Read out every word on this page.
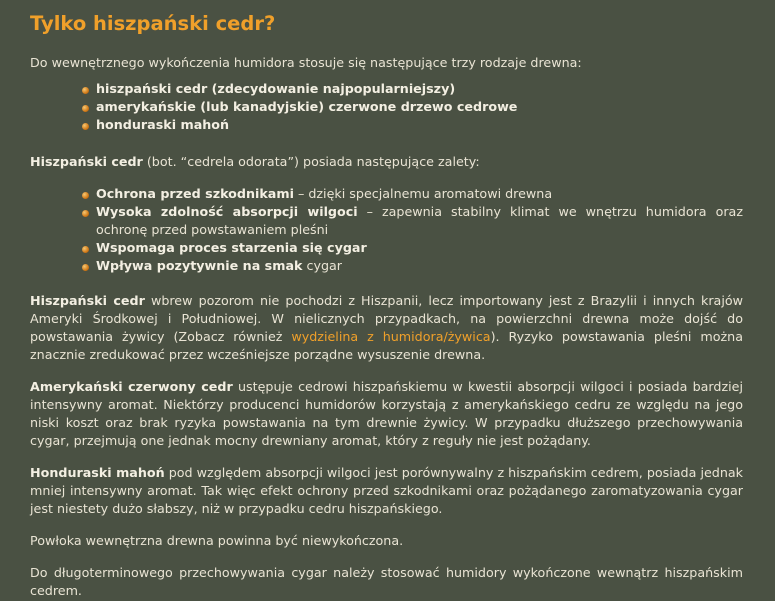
Tylko hiszpański cedr?

Do wewnętrznego wykończenia humidora stosuje się następujące trzy rodzaje drewna:

hiszpański cedr (zdecydowanie najpopularniejszy)
amerykańskie (lub kanadyjskie) czerwone drzewo cedrowe
honduraski mahoń

Hiszpański cedr (bot. “cedrela odorata”) posiada następujące zalety:

Ochrona przed szkodnikami – dzięki specjalnemu aromatowi drewna
Wysoka zdolność absorpcji wilgoci – zapewnia stabilny klimat we wnętrzu humidora oraz ochronę przed powstawaniem pleśni
Wspomaga proces starzenia się cygar
Wpływa pozytywnie na smak cygar

Hiszpański cedr wbrew pozorom nie pochodzi z Hiszpanii, lecz importowany jest z Brazylii i innych krajów Ameryki Środkowej i Południowej. W nielicznych przypadkach, na powierzchni drewna może dojść do powstawania żywicy (Zobacz również wydzielina z humidora/żywica). Ryzyko powstawania pleśni można znacznie zredukować przez wcześniejsze porządne wysuszenie drewna.

Amerykański czerwony cedr ustępuje cedrowi hiszpańskiemu w kwestii absorpcji wilgoci i posiada bardziej intensywny aromat. Niektórzy producenci humidorów korzystają z amerykańskiego cedru ze względu na jego niski koszt oraz brak ryzyka powstawania na tym drewnie żywicy. W przypadku dłuższego przechowywania cygar, przejmują one jednak mocny drewniany aromat, który z reguły nie jest pożądany.

Honduraski mahoń pod względem absorpcji wilgoci jest porównywalny z hiszpańskim cedrem, posiada jednak mniej intensywny aromat. Tak więc efekt ochrony przed szkodnikami oraz pożądanego zaromatyzowania cygar jest niestety dużo słabszy, niż w przypadku cedru hiszpańskiego.

Powłoka wewnętrzna drewna powinna być niewykończona.

Do długoterminowego przechowywania cygar należy stosować humidory wykończone wewnątrz hiszpańskim cedrem.
